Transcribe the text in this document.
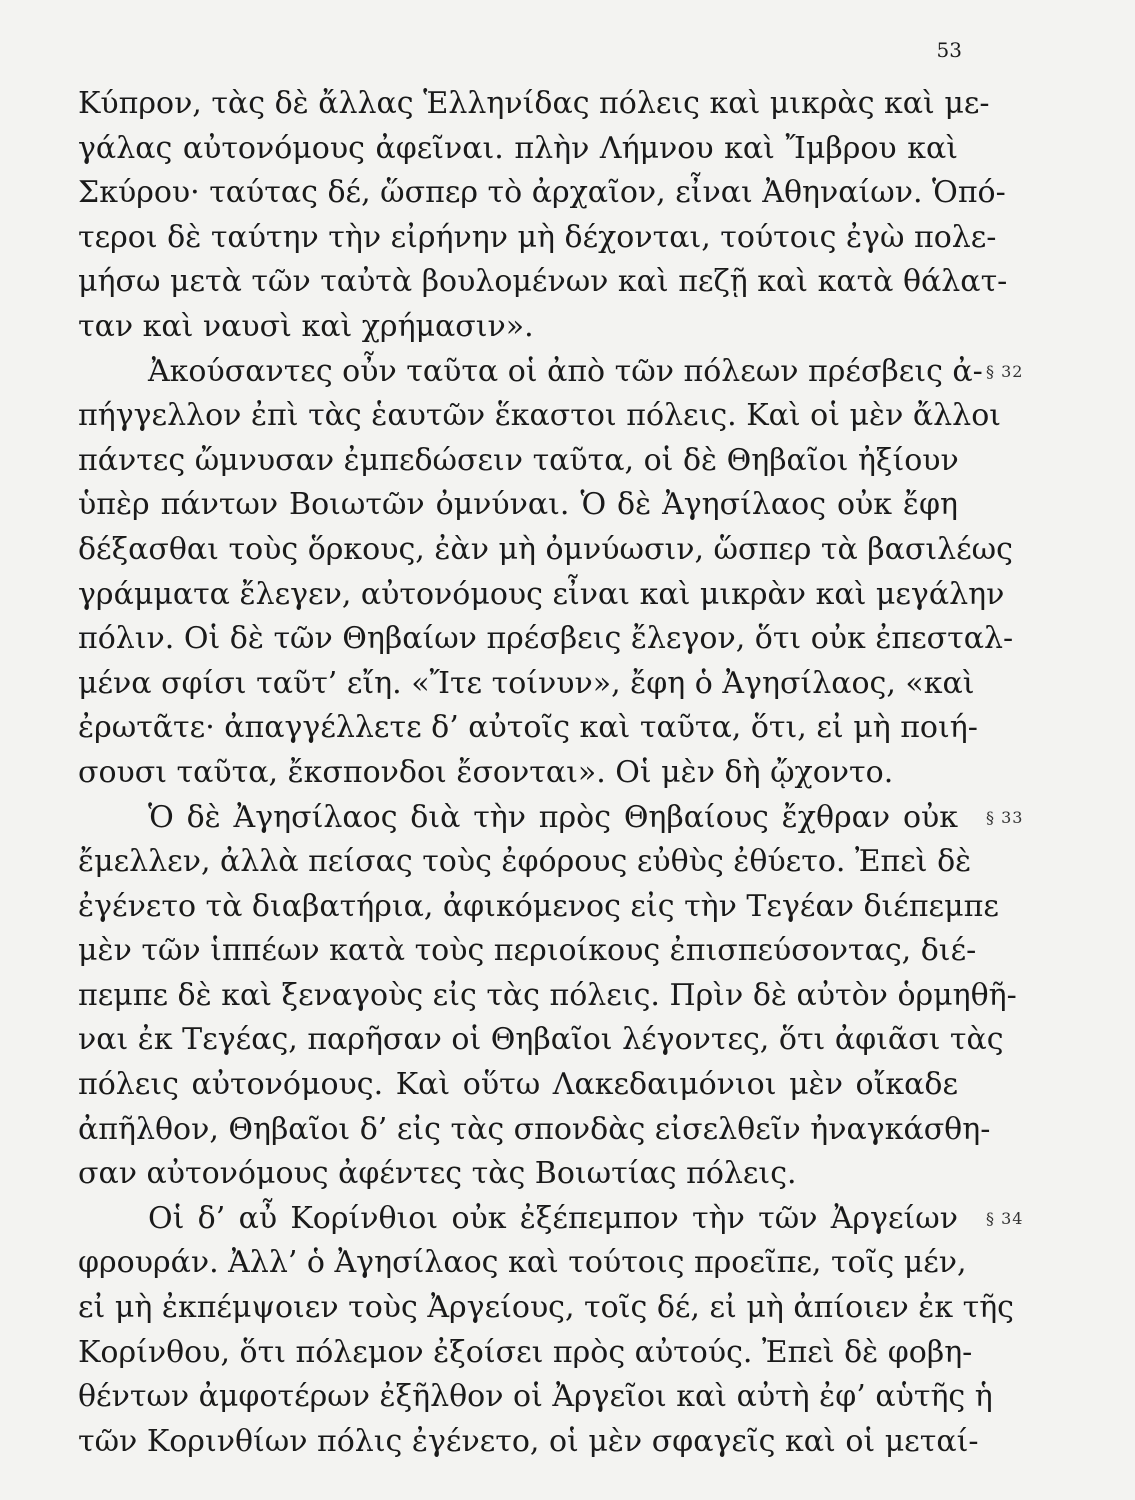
53
Κύπρον, τὰς δὲ ἄλλας Ἑλληνίδας πόλεις καὶ μικρὰς καὶ με-
γάλας αὐτονόμους ἀφεῖναι. πλὴν Λήμνου καὶ Ἴμβρου καὶ
Σκύρου· ταύτας δέ, ὥσπερ τὸ ἀρχαῖον, εἶναι Ἀθηναίων. Ὁπό-
τεροι δὲ ταύτην τὴν εἰρήνην μὴ δέχονται, τούτοις ἐγὼ πολε-
μήσω μετὰ τῶν ταὐτὰ βουλομένων καὶ πεζῇ καὶ κατὰ θάλατ-
ταν καὶ ναυσὶ καὶ χρήμασιν».
Ἀκούσαντες οὖν ταῦτα οἱ ἀπὸ τῶν πόλεων πρέσβεις ἀ- § 32
πήγγελλον ἐπὶ τὰς ἑαυτῶν ἕκαστοι πόλεις. Καὶ οἱ μὲν ἄλλοι
πάντες ὤμνυσαν ἐμπεδώσειν ταῦτα, οἱ δὲ Θηβαῖοι ἠξίουν
ὑπὲρ πάντων Βοιωτῶν ὀμνύναι. Ὁ δὲ Ἀγησίλαος οὐκ ἔφη
δέξασθαι τοὺς ὅρκους, ἐὰν μὴ ὀμνύωσιν, ὥσπερ τὰ βασιλέως
γράμματα ἔλεγεν, αὐτονόμους εἶναι καὶ μικρὰν καὶ μεγάλην
πόλιν. Οἱ δὲ τῶν Θηβαίων πρέσβεις ἔλεγον, ὅτι οὐκ ἐπεσταλ-
μένα σφίσι ταῦτ’ εἴη. «Ἴτε τοίνυν», ἔφη ὁ Ἀγησίλαος, «καὶ
ἐρωτᾶτε· ἀπαγγέλλετε δ’ αὐτοῖς καὶ ταῦτα, ὅτι, εἰ μὴ ποιή-
σουσι ταῦτα, ἔκσπονδοι ἔσονται». Οἱ μὲν δὴ ᾤχοντο.
Ὁ δὲ Ἀγησίλαος διὰ τὴν πρὸς Θηβαίους ἔχθραν οὐκ § 33
ἔμελλεν, ἀλλὰ πείσας τοὺς ἐφόρους εὐθὺς ἐθύετο. Ἐπεὶ δὲ
ἐγένετο τὰ διαβατήρια, ἀφικόμενος εἰς τὴν Τεγέαν διέπεμπε
μὲν τῶν ἱππέων κατὰ τοὺς περιοίκους ἐπισπεύσοντας, διέ-
πεμπε δὲ καὶ ξεναγοὺς εἰς τὰς πόλεις. Πρὶν δὲ αὐτὸν ὁρμηθῆ-
ναι ἐκ Τεγέας, παρῆσαν οἱ Θηβαῖοι λέγοντες, ὅτι ἀφιᾶσι τὰς
πόλεις αὐτονόμους. Καὶ οὕτω Λακεδαιμόνιοι μὲν οἴκαδε
ἀπῆλθον, Θηβαῖοι δ’ εἰς τὰς σπονδὰς εἰσελθεῖν ἠναγκάσθη-
σαν αὐτονόμους ἀφέντες τὰς Βοιωτίας πόλεις.
Οἱ δ’ αὖ Κορίνθιοι οὐκ ἐξέπεμπον τὴν τῶν Ἀργείων § 34
φρουράν. Ἀλλ’ ὁ Ἀγησίλαος καὶ τούτοις προεῖπε, τοῖς μέν,
εἰ μὴ ἐκπέμψοιεν τοὺς Ἀργείους, τοῖς δέ, εἰ μὴ ἀπίοιεν ἐκ τῆς
Κορίνθου, ὅτι πόλεμον ἐξοίσει πρὸς αὐτούς. Ἐπεὶ δὲ φοβη-
θέντων ἀμφοτέρων ἐξῆλθον οἱ Ἀργεῖοι καὶ αὐτὴ ἐφ’ αὑτῆς ἡ
τῶν Κορινθίων πόλις ἐγένετο, οἱ μὲν σφαγεῖς καὶ οἱ μεταί-
